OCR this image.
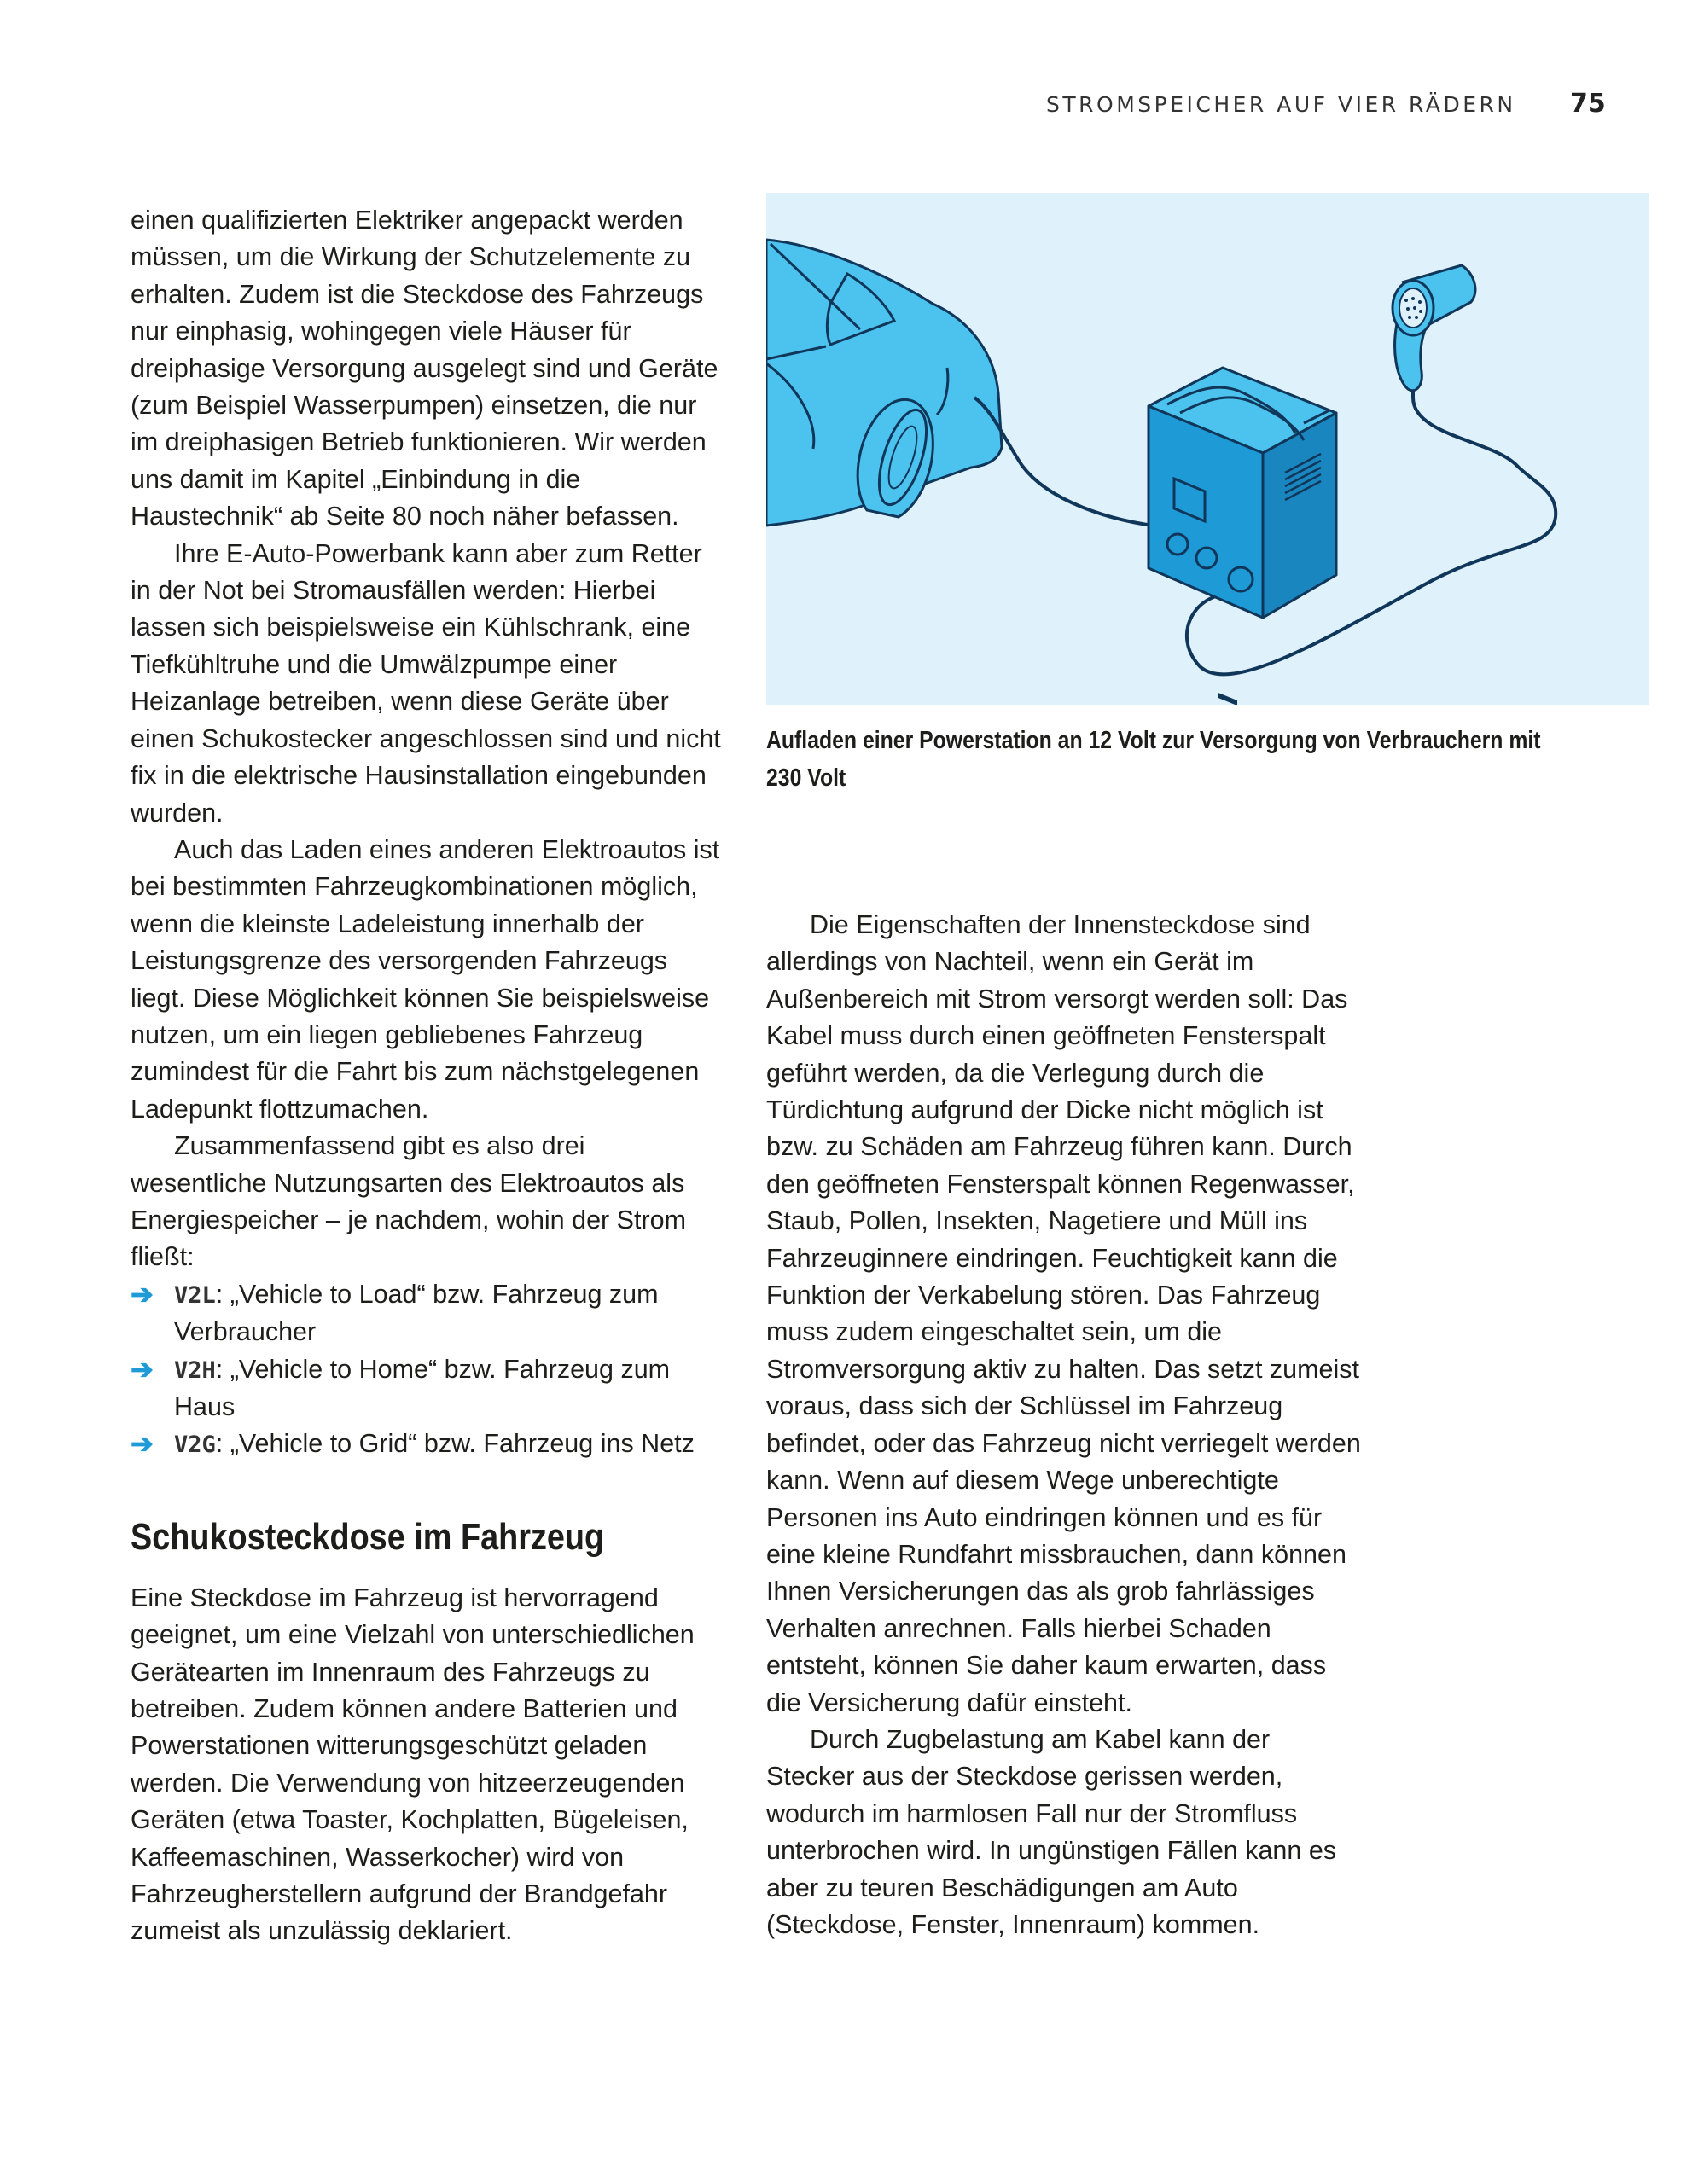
STROMSPEICHER AUF VIER RÄDERN 75

einen qualifizierten Elektriker angepackt werden müssen, um die Wirkung der Schutzelemente zu erhalten. Zudem ist die Steckdose des Fahrzeugs nur einphasig, wohingegen viele Häuser für dreiphasige Versorgung ausgelegt sind und Geräte (zum Beispiel Wasserpumpen) einsetzen, die nur im dreiphasigen Betrieb funktionieren. Wir werden uns damit im Kapitel „Einbindung in die Haustechnik“ ab Seite 80 noch näher befassen.

Ihre E-Auto-Powerbank kann aber zum Retter in der Not bei Stromausfällen werden: Hierbei lassen sich beispielsweise ein Kühlschrank, eine Tiefkühltruhe und die Umwälzpumpe einer Heizanlage betreiben, wenn diese Geräte über einen Schukostecker angeschlossen sind und nicht fix in die elektrische Hausinstallation eingebunden wurden.

Auch das Laden eines anderen Elektroautos ist bei bestimmten Fahrzeugkombinationen möglich, wenn die kleinste Ladeleistung innerhalb der Leistungsgrenze des versorgenden Fahrzeugs liegt. Diese Möglichkeit können Sie beispielsweise nutzen, um ein liegen gebliebenes Fahrzeug zumindest für die Fahrt bis zum nächstgelegenen Ladepunkt flottzumachen.

Zusammenfassend gibt es also drei wesentliche Nutzungsarten des Elektroautos als Energiespeicher – je nachdem, wohin der Strom fließt:

➔ V2L: „Vehicle to Load“ bzw. Fahrzeug zum Verbraucher
➔ V2H: „Vehicle to Home“ bzw. Fahrzeug zum Haus
➔ V2G: „Vehicle to Grid“ bzw. Fahrzeug ins Netz
Schukosteckdose im Fahrzeug

Eine Steckdose im Fahrzeug ist hervorragend geeignet, um eine Vielzahl von unterschiedlichen Gerätearten im Innenraum des Fahrzeugs zu betreiben. Zudem können andere Batterien und Powerstationen witterungsgeschützt geladen werden. Die Verwendung von hitzeerzeugenden Geräten (etwa Toaster, Kochplatten, Bügeleisen, Kaffeemaschinen, Wasserkocher) wird von Fahrzeugherstellern aufgrund der Brandgefahr zumeist als unzulässig deklariert.

Aufladen einer Powerstation an 12 Volt zur Versorgung von Verbrauchern mit 230 Volt

Die Eigenschaften der Innensteckdose sind allerdings von Nachteil, wenn ein Gerät im Außenbereich mit Strom versorgt werden soll: Das Kabel muss durch einen geöffneten Fensterspalt geführt werden, da die Verlegung durch die Türdichtung aufgrund der Dicke nicht möglich ist bzw. zu Schäden am Fahrzeug führen kann. Durch den geöffneten Fensterspalt können Regenwasser, Staub, Pollen, Insekten, Nagetiere und Müll ins Fahrzeuginnere eindringen. Feuchtigkeit kann die Funktion der Verkabelung stören. Das Fahrzeug muss zudem eingeschaltet sein, um die Stromversorgung aktiv zu halten. Das setzt zumeist voraus, dass sich der Schlüssel im Fahrzeug befindet, oder das Fahrzeug nicht verriegelt werden kann. Wenn auf diesem Wege unberechtigte Personen ins Auto eindringen können und es für eine kleine Rundfahrt missbrauchen, dann können Ihnen Versicherungen das als grob fahrlässiges Verhalten anrechnen. Falls hierbei Schaden entsteht, können Sie daher kaum erwarten, dass die Versicherung dafür einsteht.

Durch Zugbelastung am Kabel kann der Stecker aus der Steckdose gerissen werden, wodurch im harmlosen Fall nur der Stromfluss unterbrochen wird. In ungünstigen Fällen kann es aber zu teuren Beschädigungen am Auto (Steckdose, Fenster, Innenraum) kommen.
